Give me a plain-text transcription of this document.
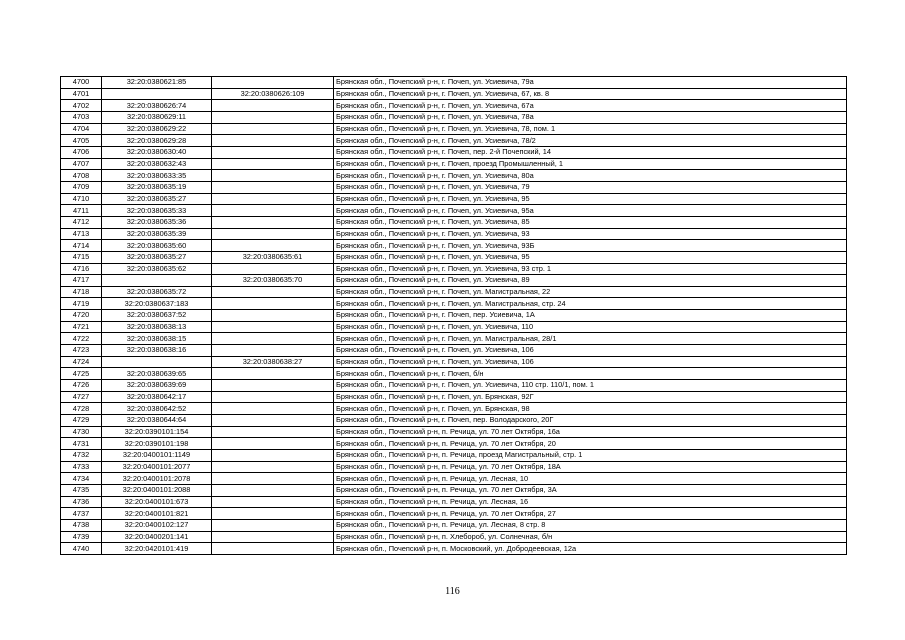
4700	32:20:0380621:85		Брянская обл., Почепский р-н, г. Почеп, ул. Усиевича, 79а
4701		32:20:0380626:109	Брянская обл., Почепский р-н, г. Почеп, ул. Усиевича, 67, кв. 8
4702	32:20:0380626:74		Брянская обл., Почепский р-н, г. Почеп, ул. Усиевича, 67а
4703	32:20:0380629:11		Брянская обл., Почепский р-н, г. Почеп, ул. Усиевича, 78а
4704	32:20:0380629:22		Брянская обл., Почепский р-н, г. Почеп, ул. Усиевича, 78, пом. 1
4705	32:20:0380629:28		Брянская обл., Почепский р-н, г. Почеп, ул. Усиевича, 78/2
4706	32:20:0380630:40		Брянская обл., Почепский р-н, г. Почеп, пер. 2-й Почепский, 14
4707	32:20:0380632:43		Брянская обл., Почепский р-н, г. Почеп, проезд Промышленный, 1
4708	32:20:0380633:35		Брянская обл., Почепский р-н, г. Почеп, ул. Усиевича, 80а
4709	32:20:0380635:19		Брянская обл., Почепский р-н, г. Почеп, ул. Усиевича, 79
4710	32:20:0380635:27		Брянская обл., Почепский р-н, г. Почеп, ул. Усиевича, 95
4711	32:20:0380635:33		Брянская обл., Почепский р-н, г. Почеп, ул. Усиевича, 95а
4712	32:20:0380635:36		Брянская обл., Почепский р-н, г. Почеп, ул. Усиевича, 85
4713	32:20:0380635:39		Брянская обл., Почепский р-н, г. Почеп, ул. Усиевича, 93
4714	32:20:0380635:60		Брянская обл., Почепский р-н, г. Почеп, ул. Усиевича, 93Б
4715	32:20:0380635:27	32:20:0380635:61	Брянская обл., Почепский р-н, г. Почеп, ул. Усиевича, 95
4716	32:20:0380635:62		Брянская обл., Почепский р-н, г. Почеп, ул. Усиевича, 93 стр. 1
4717		32:20:0380635:70	Брянская обл., Почепский р-н, г. Почеп, ул. Усиевича, 89
4718	32:20:0380635:72		Брянская обл., Почепский р-н, г. Почеп, ул. Магистральная, 22
4719	32:20:0380637:183		Брянская обл., Почепский р-н, г. Почеп, ул. Магистральная, стр. 24
4720	32:20:0380637:52		Брянская обл., Почепский р-н, г. Почеп, пер. Усиевича, 1А
4721	32:20:0380638:13		Брянская обл., Почепский р-н, г. Почеп, ул. Усиевича, 110
4722	32:20:0380638:15		Брянская обл., Почепский р-н, г. Почеп, ул. Магистральная, 28/1
4723	32:20:0380638:16		Брянская обл., Почепский р-н, г. Почеп, ул. Усиевича, 106
4724		32:20:0380638:27	Брянская обл., Почепский р-н, г. Почеп, ул. Усиевича, 106
4725	32:20:0380639:65		Брянская обл., Почепский р-н, г. Почеп, б/н
4726	32:20:0380639:69		Брянская обл., Почепский р-н, г. Почеп, ул. Усиевича, 110 стр. 110/1, пом. 1
4727	32:20:0380642:17		Брянская обл., Почепский р-н, г. Почеп, ул. Брянская, 92Г
4728	32:20:0380642:52		Брянская обл., Почепский р-н, г. Почеп, ул. Брянская, 98
4729	32:20:0380644:64		Брянская обл., Почепский р-н, г. Почеп, пер. Володарского, 20Г
4730	32:20:0390101:154		Брянская обл., Почепский р-н, п. Речица, ул. 70 лет Октября, 16а
4731	32:20:0390101:198		Брянская обл., Почепский р-н, п. Речица, ул. 70 лет Октября, 20
4732	32:20:0400101:1149		Брянская обл., Почепский р-н, п. Речица, проезд Магистральный, стр. 1
4733	32:20:0400101:2077		Брянская обл., Почепский р-н, п. Речица, ул. 70 лет Октября, 18А
4734	32:20:0400101:2078		Брянская обл., Почепский р-н, п. Речица, ул. Лесная, 10
4735	32:20:0400101:2088		Брянская обл., Почепский р-н, п. Речица, ул. 70 лет Октября, 3А
4736	32:20:0400101:673		Брянская обл., Почепский р-н, п. Речица, ул. Лесная, 16
4737	32:20:0400101:821		Брянская обл., Почепский р-н, п. Речица, ул. 70 лет Октября, 27
4738	32:20:0400102:127		Брянская обл., Почепский р-н, п. Речица, ул. Лесная, 8 стр. 8
4739	32:20:0400201:141		Брянская обл., Почепский р-н, п. Хлебороб, ул. Солнечная, б/н
4740	32:20:0420101:419		Брянская обл., Почепский р-н, п. Московский, ул. Добродеевская, 12а
116
